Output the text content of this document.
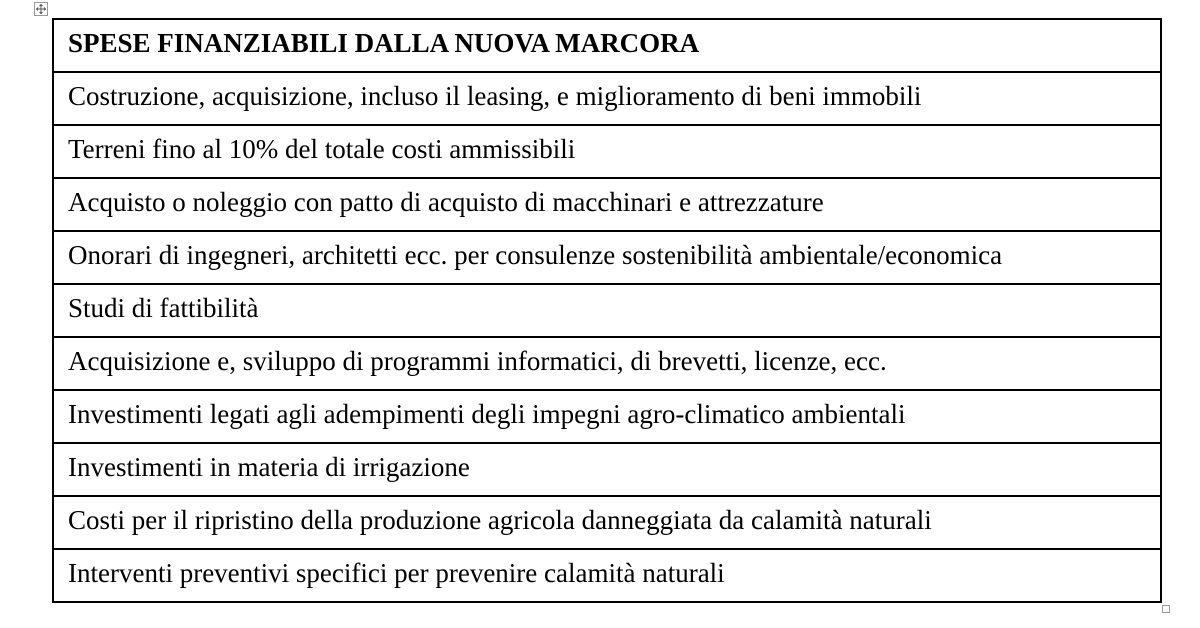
SPESE FINANZIABILI DALLA NUOVA MARCORA
Costruzione, acquisizione, incluso il leasing, e miglioramento di beni immobili
Terreni fino al 10% del totale costi ammissibili
Acquisto o noleggio con patto di acquisto di macchinari e attrezzature
Onorari di ingegneri, architetti ecc. per consulenze sostenibilità ambientale/economica
Studi di fattibilità
Acquisizione e, sviluppo di programmi informatici, di brevetti, licenze, ecc.
Investimenti legati agli adempimenti degli impegni agro-climatico ambientali
Investimenti in materia di irrigazione
Costi per il ripristino della produzione agricola danneggiata da calamità naturali
Interventi preventivi specifici per prevenire calamità naturali
